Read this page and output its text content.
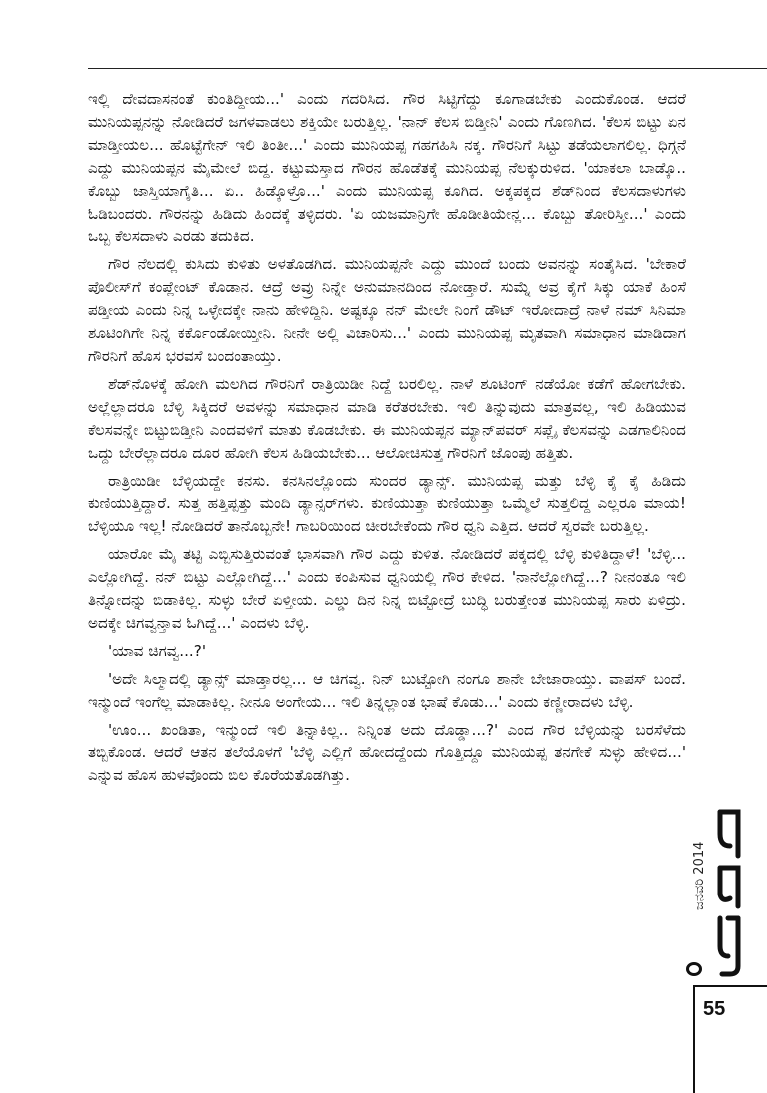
ಇಲ್ಲಿ ದೇವದಾಸನಂತೆ ಕುಂತಿದ್ದೀಯ...' ಎಂದು ಗದರಿಸಿದ. ಗೌರ ಸಿಟ್ಟಿಗೆದ್ದು ಕೂಗಾಡಬೇಕು ಎಂದುಕೊಂಡ. ಆದರೆ ಮುನಿಯಪ್ಪನನ್ನು ನೋಡಿದರೆ ಜಗಳವಾಡಲು ಶಕ್ತಿಯೇ ಬರುತ್ತಿಲ್ಲ. 'ನಾನ್ ಕೆಲಸ ಬಿಡ್ತೀನಿ' ಎಂದು ಗೊಣಗಿದ. 'ಕೆಲಸ ಬಿಟ್ಟು ಏನ ಮಾಡ್ತೀಯಲ... ಹೊಟ್ಟೆಗೇನ್ ಇಲಿ ತಿಂತೀ...' ಎಂದು ಮುನಿಯಪ್ಪ ಗಹಗಹಿಸಿ ನಕ್ಕ. ಗೌರನಿಗೆ ಸಿಟ್ಟು ತಡೆಯಲಾಗಲಿಲ್ಲ. ಧಿಗ್ಗನೆ ಎದ್ದು ಮುನಿಯಪ್ಪನ ಮೈಮೇಲೆ ಬಿದ್ದ. ಕಟ್ಟುಮಸ್ತಾದ ಗೌರನ ಹೊಡೆತಕ್ಕೆ ಮುನಿಯಪ್ಪ ನೆಲಕ್ಕುರುಳಿದ. 'ಯಾಕಲಾ ಬಾಡ್ಕೊ.. ಕೊಬ್ಬು ಜಾಸ್ತಿಯಾಗೈತಿ... ಏ.. ಹಿಡ್ಕೊಳ್ರೊ...' ಎಂದು ಮುನಿಯಪ್ಪ ಕೂಗಿದ. ಅಕ್ಕಪಕ್ಕದ ಶೆಡ್‌ನಿಂದ ಕೆಲಸದಾಳುಗಳು ಓಡಿಬಂದರು. ಗೌರನನ್ನು ಹಿಡಿದು ಹಿಂದಕ್ಕೆ ತಳ್ಳಿದರು. 'ಏ ಯಜಮಾನ್ರಿಗೇ ಹೊಡೀತಿಯೇನ್ಲ... ಕೊಬ್ಬು ತೋರಿಸ್ತೀ...' ಎಂದು ಒಬ್ಬ ಕೆಲಸದಾಳು ಎರಡು ತದುಕಿದ.

ಗೌರ ನೆಲದಲ್ಲಿ ಕುಸಿದು ಕುಳಿತು ಅಳತೊಡಗಿದ. ಮುನಿಯಪ್ಪನೇ ಎದ್ದು ಮುಂದೆ ಬಂದು ಅವನನ್ನು ಸಂತೈಸಿದ. 'ಬೇಕಾರೆ ಪೊಲೀಸ್‌ಗೆ ಕಂಪ್ಲೇಂಟ್ ಕೊಡಾನ. ಆದ್ರೆ ಅವ್ರು ನಿನ್ನೇ ಅನುಮಾನದಿಂದ ನೋಡ್ತಾರೆ. ಸುಮ್ನೆ ಅವ್ರ ಕೈಗೆ ಸಿಕ್ಕು ಯಾಕೆ ಹಿಂಸೆ ಪಡ್ತೀಯ ಎಂದು ನಿನ್ನ ಒಳ್ಳೇದಕ್ಕೇ ನಾನು ಹೇಳಿದ್ದಿನಿ. ಅಷ್ಟಕ್ಕೂ ನನ್ ಮೇಲೇ ನಿಂಗೆ ಡೌಟ್ ಇರೋದಾದ್ರೆ ನಾಳೆ ನಮ್ ಸಿನಿಮಾ ಶೂಟಿಂಗಿಗೇ ನಿನ್ನ ಕರ್ಕೊಂಡೋಯ್ತೀನಿ. ನೀನೇ ಅಲ್ಲಿ ವಿಚಾರಿಸು...' ಎಂದು ಮುನಿಯಪ್ಪ ಮೃತವಾಗಿ ಸಮಾಧಾನ ಮಾಡಿದಾಗ ಗೌರನಿಗೆ ಹೊಸ ಭರವಸೆ ಬಂದಂತಾಯ್ತು.

ಶೆಡ್‌ನೊಳಕ್ಕೆ ಹೋಗಿ ಮಲಗಿದ ಗೌರನಿಗೆ ರಾತ್ರಿಯಿಡೀ ನಿದ್ದೆ ಬರಲಿಲ್ಲ. ನಾಳೆ ಶೂಟಿಂಗ್ ನಡೆಯೋ ಕಡೆಗೆ ಹೋಗಬೇಕು. ಅಲ್ಲೆಲ್ಲಾದರೂ ಬೆಳ್ಳಿ ಸಿಕ್ಕಿದರೆ ಅವಳನ್ನು ಸಮಾಧಾನ ಮಾಡಿ ಕರೆತರಬೇಕು. ಇಲಿ ತಿನ್ನುವುದು ಮಾತ್ರವಲ್ಲ, ಇಲಿ ಹಿಡಿಯುವ ಕೆಲಸವನ್ನೇ ಬಿಟ್ಟುಬಿಡ್ತೀನಿ ಎಂದವಳಿಗೆ ಮಾತು ಕೊಡಬೇಕು. ಈ ಮುನಿಯಪ್ಪನ ಮ್ಯಾನ್‌ಪವರ್ ಸಪ್ಲೈ ಕೆಲಸವನ್ನು ಎಡಗಾಲಿನಿಂದ ಒದ್ದು ಬೇರೆಲ್ಲಾದರೂ ದೂರ ಹೋಗಿ ಕೆಲಸ ಹಿಡಿಯಬೇಕು... ಆಲೋಚಿಸುತ್ತ ಗೌರನಿಗೆ ಜೊಂಪು ಹತ್ತಿತು.

ರಾತ್ರಿಯಿಡೀ ಬೆಳ್ಳಿಯದ್ದೇ ಕನಸು. ಕನಸಿನಲ್ಲೊಂದು ಸುಂದರ ಡ್ಯಾನ್ಸ್. ಮುನಿಯಪ್ಪ ಮತ್ತು ಬೆಳ್ಳಿ ಕೈ ಕೈ ಹಿಡಿದು ಕುಣಿಯುತ್ತಿದ್ದಾರೆ. ಸುತ್ತ ಹತ್ತಿಪ್ಪತ್ತು ಮಂದಿ ಡ್ಯಾನ್ಸರ್‌ಗಳು. ಕುಣಿಯುತ್ತಾ ಕುಣಿಯುತ್ತಾ ಒಮ್ಮೆಲೆ ಸುತ್ತಲಿದ್ದ ಎಲ್ಲರೂ ಮಾಯ! ಬೆಳ್ಳಿಯೂ ಇಲ್ಲ! ನೋಡಿದರೆ ತಾನೊಬ್ಬನೇ! ಗಾಬರಿಯಿಂದ ಚೀರಬೇಕೆಂದು ಗೌರ ಧ್ವನಿ ಎತ್ತಿದ. ಆದರೆ ಸ್ವರವೇ ಬರುತ್ತಿಲ್ಲ.

ಯಾರೋ ಮೈ ತಟ್ಟಿ ಎಬ್ಬಿಸುತ್ತಿರುವಂತೆ ಭಾಸವಾಗಿ ಗೌರ ಎದ್ದು ಕುಳಿತ. ನೋಡಿದರೆ ಪಕ್ಕದಲ್ಲಿ ಬೆಳ್ಳಿ ಕುಳಿತಿದ್ದಾಳೆ! 'ಬೆಳ್ಳಿ... ಎಲ್ಲೋಗಿದ್ದೆ. ನನ್ ಬಿಟ್ಟು ಎಲ್ಲೋಗಿದ್ದೆ...' ಎಂದು ಕಂಪಿಸುವ ಧ್ವನಿಯಲ್ಲಿ ಗೌರ ಕೇಳಿದ. 'ನಾನೆಲ್ಲೋಗಿದ್ದೆ...? ನೀನಂತೂ ಇಲಿ ತಿನ್ನೋದನ್ನು ಬಿಡಾಕಿಲ್ಲ. ಸುಳ್ಳು ಬೇರೆ ಏಳ್ತೀಯ. ಎಲ್ಡು ದಿನ ನಿನ್ನ ಬಿಟ್ಟೋದ್ರೆ ಬುದ್ಧಿ ಬರುತ್ತೇಂತ ಮುನಿಯಪ್ಪ ಸಾರು ಏಳಿದ್ರು. ಅದಕ್ಕೇ ಚಿಗವ್ವನ್ತಾವ ಓಗಿದ್ದೆ...' ಎಂದಳು ಬೆಳ್ಳಿ.

'ಯಾವ ಚಿಗವ್ವ...?'

'ಅದೇ ಸಿಲ್ಮಾದಲ್ಲಿ ಡ್ಯಾನ್ಸ್ ಮಾಡ್ತಾರಲ್ಲ... ಆ ಚಿಗವ್ವ. ನಿನ್ ಬುಟ್ಟೋಗಿ ನಂಗೂ ಶಾನೇ ಬೇಜಾರಾಯ್ತು. ವಾಪಸ್ ಬಂದೆ. ಇನ್ಮುಂದೆ ಇಂಗೆಲ್ಲ ಮಾಡಾಕಿಲ್ಲ. ನೀನೂ ಅಂಗೇಯ... ಇಲಿ ತಿನ್ನಲ್ಲಾಂತ ಭಾಷೆ ಕೊಡು...' ಎಂದು ಕಣ್ಣೀರಾದಳು ಬೆಳ್ಳಿ.

'ಊಂ... ಖಂಡಿತಾ, ಇನ್ಮುಂದೆ ಇಲಿ ತಿನ್ನಾಕಿಲ್ಲ.. ನಿನ್ನಿಂತ ಅದು ದೊಡ್ಡಾ...?' ಎಂದ ಗೌರ ಬೆಳ್ಳಿಯನ್ನು ಬರಸೆಳೆದು ತಬ್ಬಿಕೊಂಡ. ಆದರೆ ಆತನ ತಲೆಯೊಳಗೆ 'ಬೆಳ್ಳಿ ಎಲ್ಲಿಗೆ ಹೋದದ್ದೆಂದು ಗೊತ್ತಿದ್ದೂ ಮುನಿಯಪ್ಪ ತನಗೇಕೆ ಸುಳ್ಳು ಹೇಳಿದ...' ಎನ್ನುವ ಹೊಸ ಹುಳವೊಂದು ಬಿಲ ಕೊರೆಯತೊಡಗಿತ್ತು.

ಜನವರಿ 2014
55
